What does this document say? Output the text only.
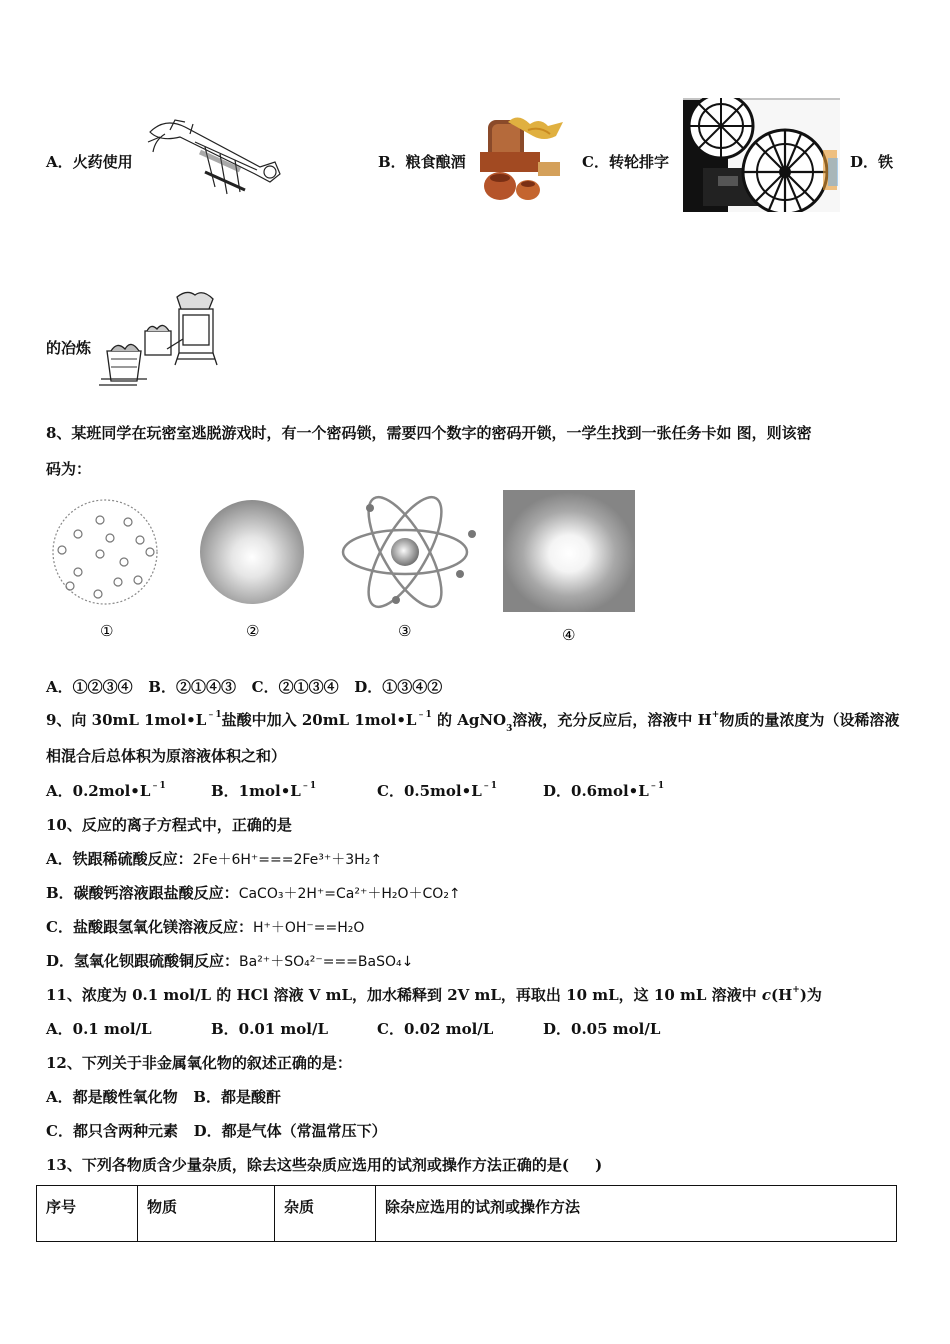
A．火药使用	B．粮食酿酒	C．转轮排字	D．铁
的冶炼
8、某班同学在玩密室逃脱游戏时，有一个密码锁，需要四个数字的密码开锁，一学生找到一张任务卡如 图，则该密
码为：
①	②	③	④
A．①②③④   B．②①④③   C．②①③④   D．①③④②
9、向 30mL $1mol•L^{﹣1}$盐酸中加入 20mL $1mol•L^{﹣1}$ 的 AgNO$_3$溶液，充分反应后，溶液中 H+物质的量浓度为（设稀溶液
相混合后总体积为原溶液体积之和）
A．$0.2mol•L^{﹣1}$	B．$1mol•L^{﹣1}$	C．$0.5mol•L^{﹣1}$	D．$0.6mol•L^{﹣1}$
10、反应的离子方程式中，正确的是
A．铁跟稀硫酸反应：2Fe＋6H⁺===2Fe³⁺＋3H₂↑
B．碳酸钙溶液跟盐酸反应：CaCO₃＋2H⁺=Ca²⁺＋H₂O＋CO₂↑
C．盐酸跟氢氧化镁溶液反应：H⁺＋OH⁻==H₂O
D．氢氧化钡跟硫酸铜反应：Ba²⁺＋SO₄²⁻===BaSO₄↓
11、浓度为 0.1 mol/L 的 HCl 溶液 V mL，加水稀释到 2V mL，再取出 10 mL，这 10 mL 溶液中 c(H+)为
A．0.1 mol/L	B．0.01 mol/L	C．0.02 mol/L	D．0.05 mol/L
12、下列关于非金属氧化物的叙述正确的是：
A．都是酸性氧化物   B．都是酸酐
C．都只含两种元素   D．都是气体（常温常压下）
13、下列各物质含少量杂质，除去这些杂质应选用的试剂或操作方法正确的是(     )
序号	物质	杂质	除杂应选用的试剂或操作方法
